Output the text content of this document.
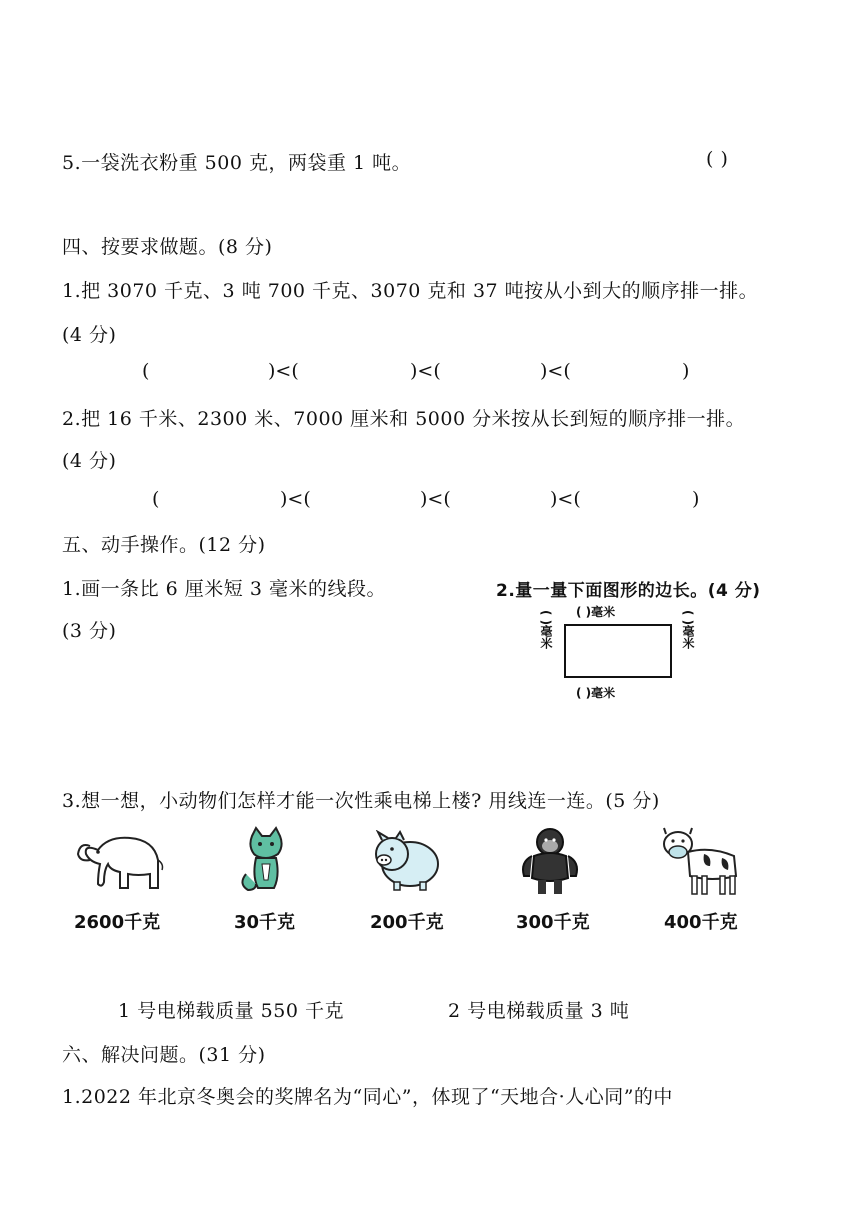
5.一袋洗衣粉重 500 克，两袋重 1 吨。	( )
四、按要求做题。(8 分)
1.把 3070 千克、3 吨 700 千克、3070 克和 37 吨按从小到大的顺序排一排。
(4 分)
(	)<(	)<(	)<(	)
2.把 16 千米、2300 米、7000 厘米和 5000 分米按从长到短的顺序排一排。
(4 分)
(	)<(	)<(	)<(	)
五、动手操作。(12 分)
1.画一条比 6 厘米短 3 毫米的线段。
(3 分)
2.量一量下面图形的边长。(4 分)
( )毫米
( )毫米
( )毫米	( )毫米
3.想一想，小动物们怎样才能一次性乘电梯上楼? 用线连一连。(5 分)
2600千克	30千克	200千克	300千克	400千克
1 号电梯载质量 550 千克	2 号电梯载质量 3 吨
六、解决问题。(31 分)
1.2022 年北京冬奥会的奖牌名为“同心”，体现了“天地合·人心同”的中
